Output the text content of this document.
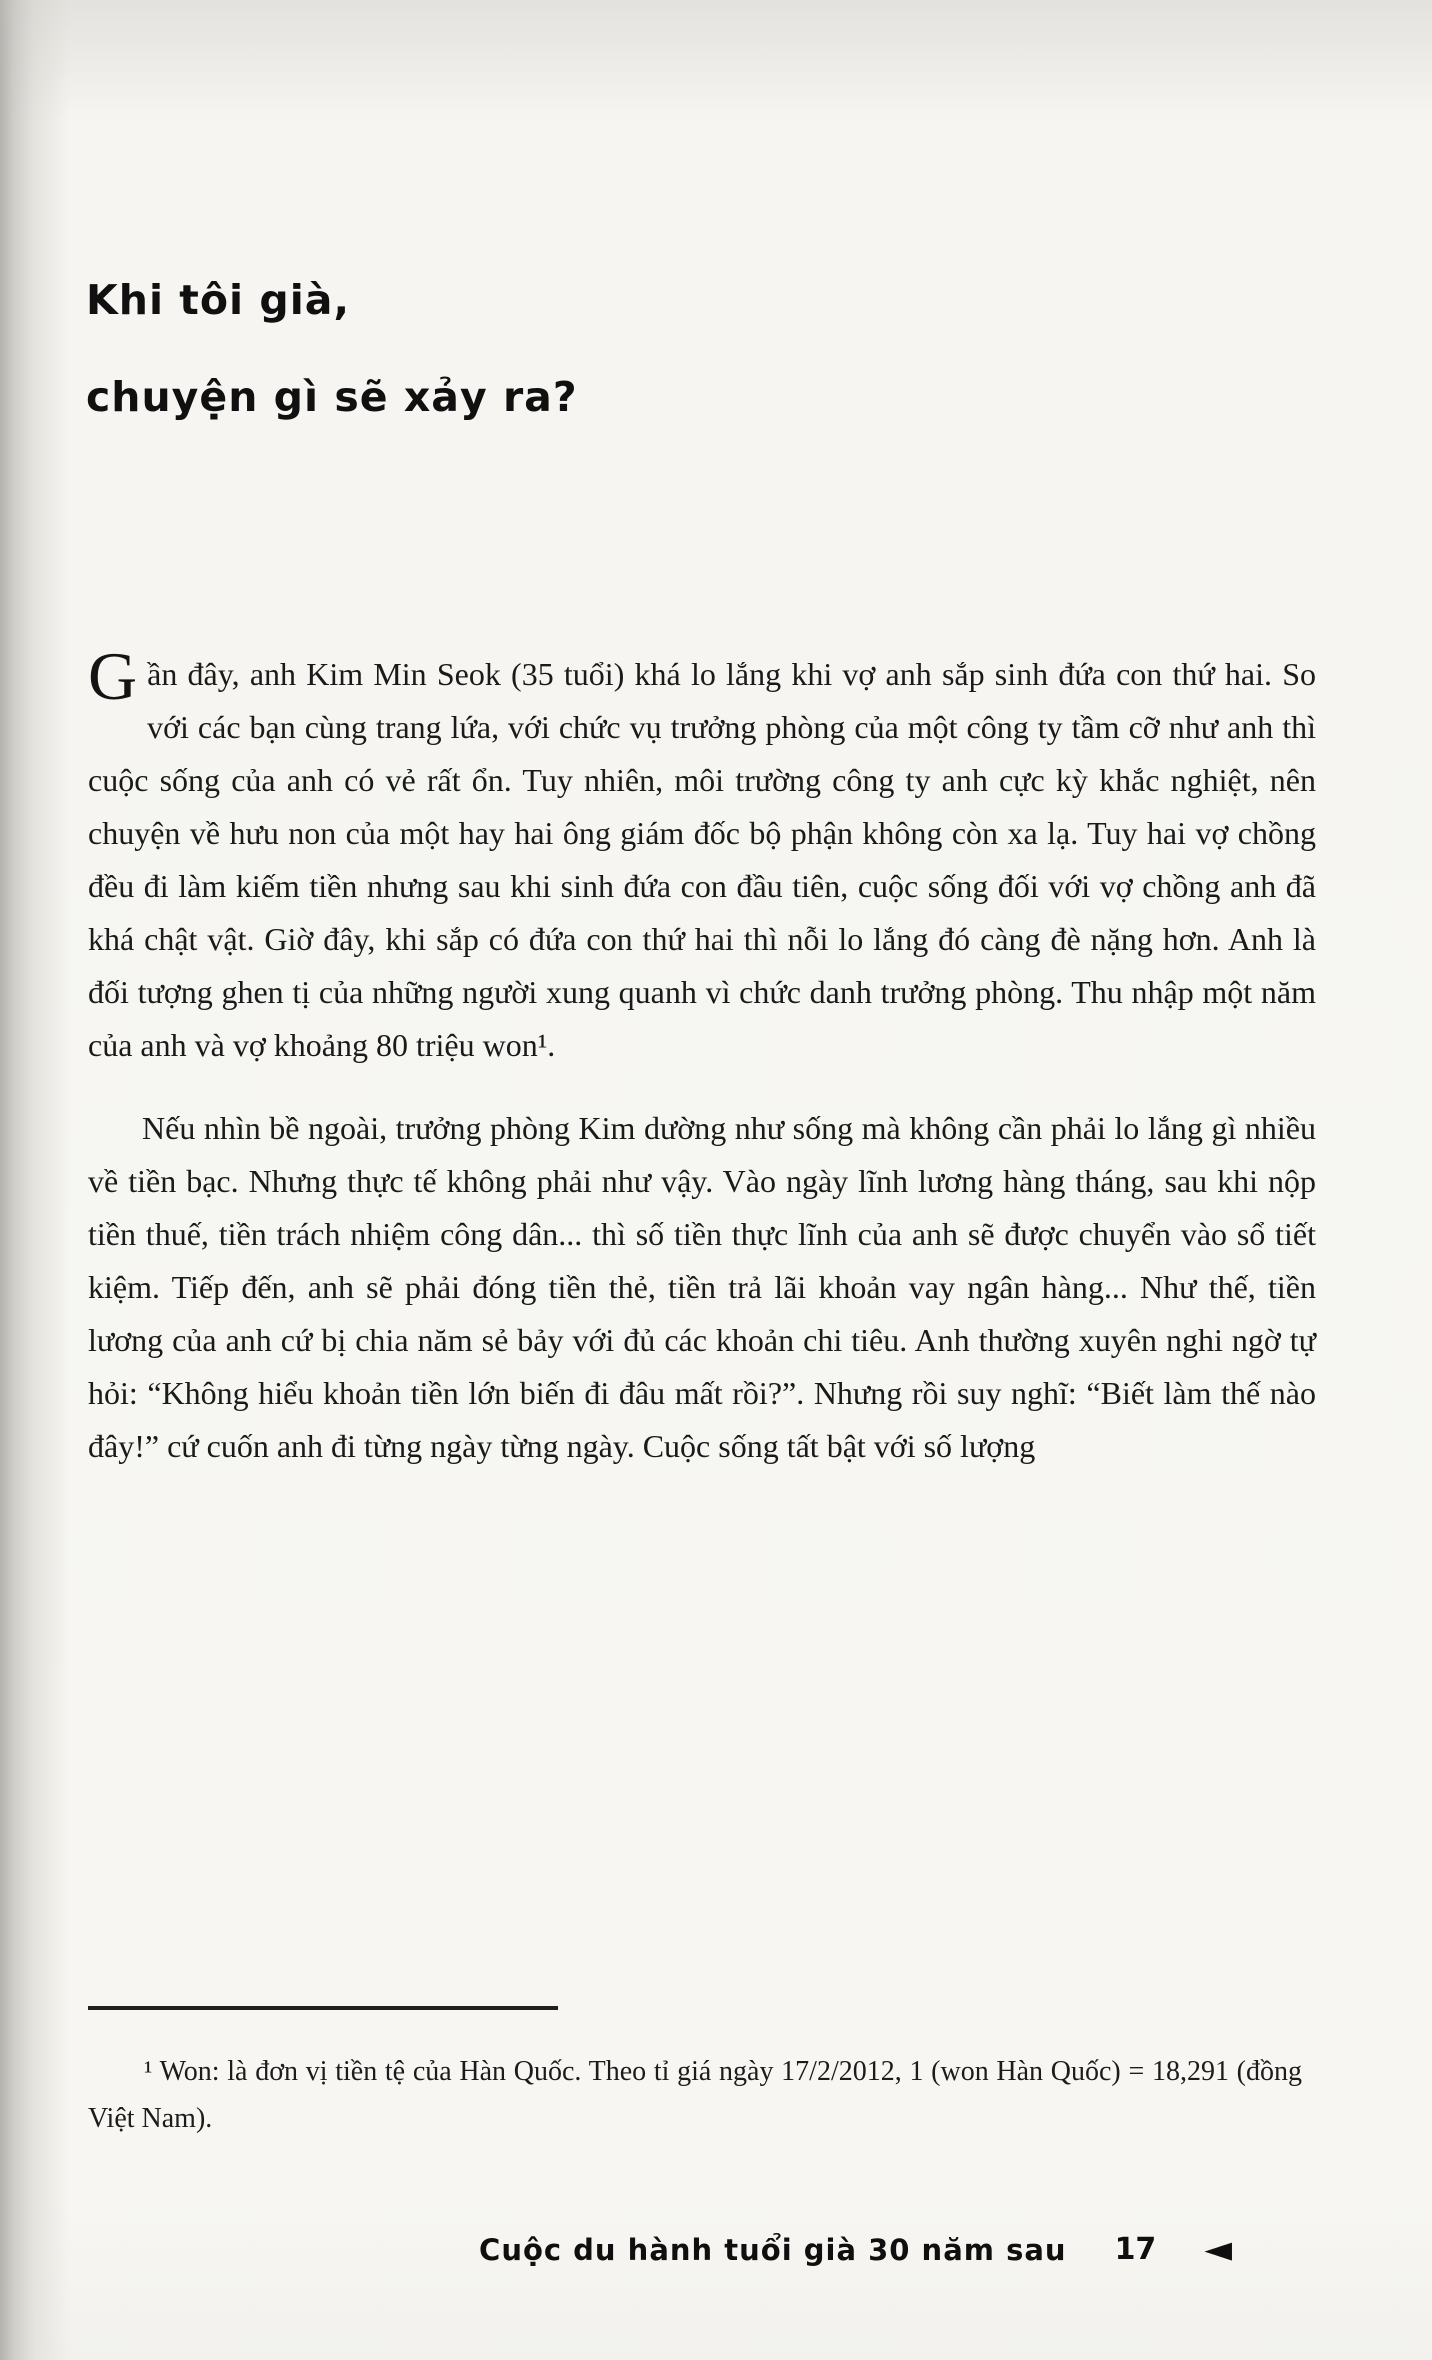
Khi tôi già,
chuyện gì sẽ xảy ra?

Gần đây, anh Kim Min Seok (35 tuổi) khá lo lắng khi vợ anh sắp sinh đứa con thứ hai. So với các bạn cùng trang lứa, với chức vụ trưởng phòng của một công ty tầm cỡ như anh thì cuộc sống của anh có vẻ rất ổn. Tuy nhiên, môi trường công ty anh cực kỳ khắc nghiệt, nên chuyện về hưu non của một hay hai ông giám đốc bộ phận không còn xa lạ. Tuy hai vợ chồng đều đi làm kiếm tiền nhưng sau khi sinh đứa con đầu tiên, cuộc sống đối với vợ chồng anh đã khá chật vật. Giờ đây, khi sắp có đứa con thứ hai thì nỗi lo lắng đó càng đè nặng hơn. Anh là đối tượng ghen tị của những người xung quanh vì chức danh trưởng phòng. Thu nhập một năm của anh và vợ khoảng 80 triệu won¹.

Nếu nhìn bề ngoài, trưởng phòng Kim dường như sống mà không cần phải lo lắng gì nhiều về tiền bạc. Nhưng thực tế không phải như vậy. Vào ngày lĩnh lương hàng tháng, sau khi nộp tiền thuế, tiền trách nhiệm công dân... thì số tiền thực lĩnh của anh sẽ được chuyển vào sổ tiết kiệm. Tiếp đến, anh sẽ phải đóng tiền thẻ, tiền trả lãi khoản vay ngân hàng... Như thế, tiền lương của anh cứ bị chia năm sẻ bảy với đủ các khoản chi tiêu. Anh thường xuyên nghi ngờ tự hỏi: “Không hiểu khoản tiền lớn biến đi đâu mất rồi?”. Nhưng rồi suy nghĩ: “Biết làm thế nào đây!” cứ cuốn anh đi từng ngày từng ngày. Cuộc sống tất bật với số lượng

¹ Won: là đơn vị tiền tệ của Hàn Quốc. Theo tỉ giá ngày 17/2/2012, 1 (won Hàn Quốc) = 18,291 (đồng Việt Nam).

Cuộc du hành tuổi già 30 năm sau 17 ◄
